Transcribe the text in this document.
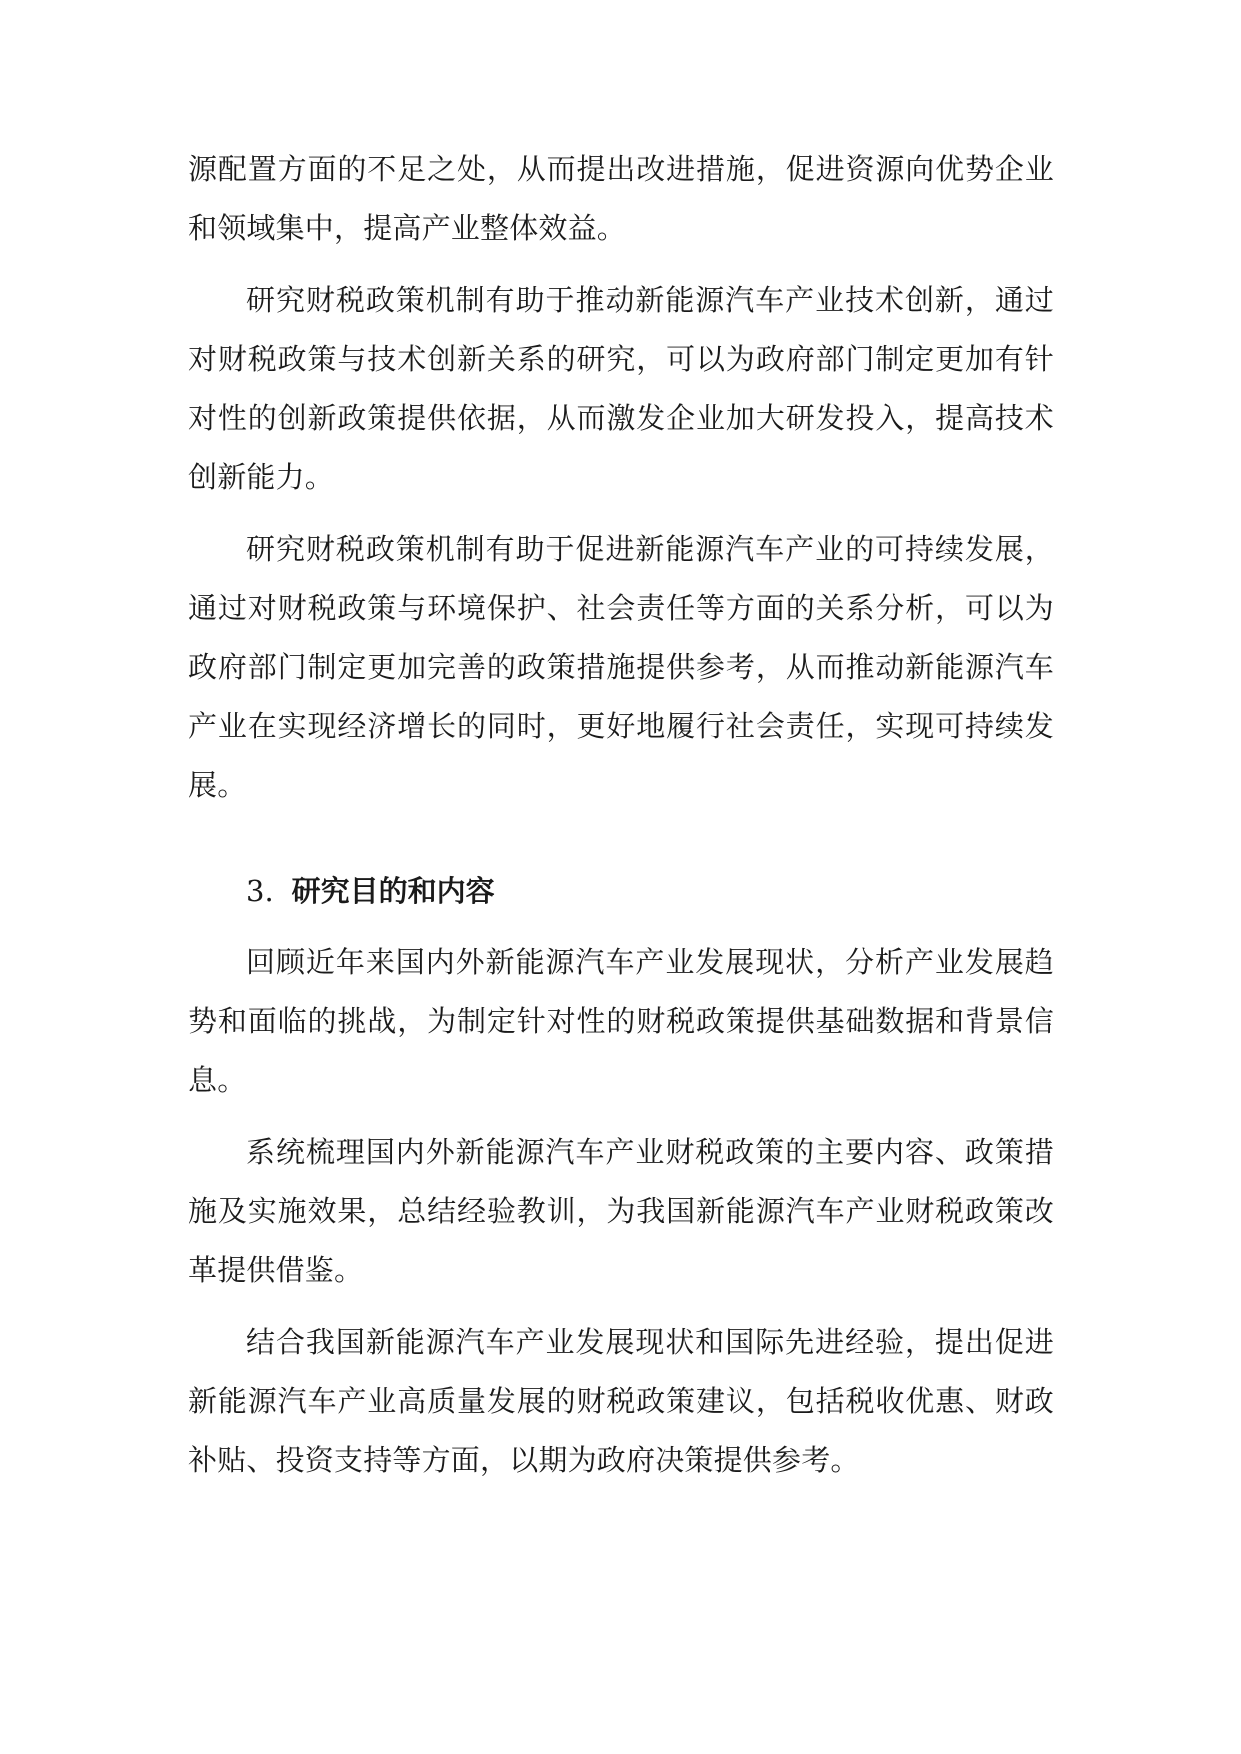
源配置方面的不足之处，从而提出改进措施，促进资源向优势企业和领域集中，提高产业整体效益。

研究财税政策机制有助于推动新能源汽车产业技术创新，通过对财税政策与技术创新关系的研究，可以为政府部门制定更加有针对性的创新政策提供依据，从而激发企业加大研发投入，提高技术创新能力。

研究财税政策机制有助于促进新能源汽车产业的可持续发展，通过对财税政策与环境保护、社会责任等方面的关系分析，可以为政府部门制定更加完善的政策措施提供参考，从而推动新能源汽车产业在实现经济增长的同时，更好地履行社会责任，实现可持续发展。

3. 研究目的和内容

回顾近年来国内外新能源汽车产业发展现状，分析产业发展趋势和面临的挑战，为制定针对性的财税政策提供基础数据和背景信息。

系统梳理国内外新能源汽车产业财税政策的主要内容、政策措施及实施效果，总结经验教训，为我国新能源汽车产业财税政策改革提供借鉴。

结合我国新能源汽车产业发展现状和国际先进经验，提出促进新能源汽车产业高质量发展的财税政策建议，包括税收优惠、财政补贴、投资支持等方面，以期为政府决策提供参考。
